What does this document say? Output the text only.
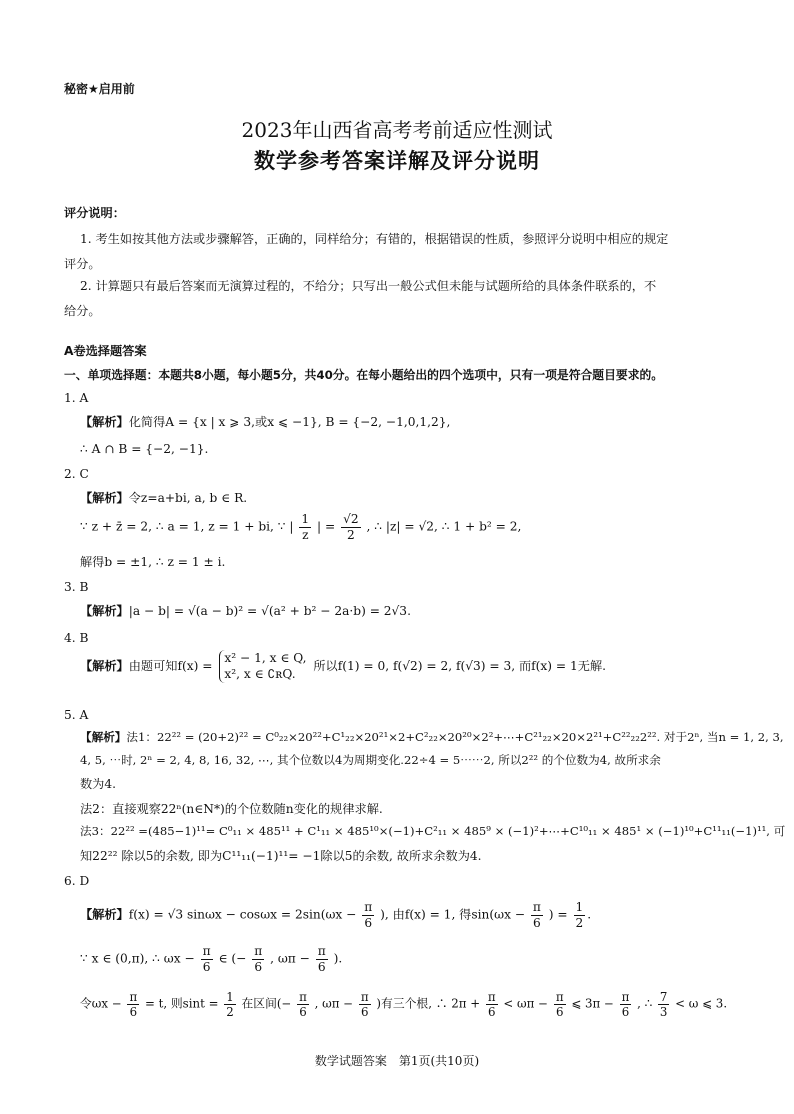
秘密★启用前
2023年山西省高考考前适应性测试
数学参考答案详解及评分说明
评分说明：
1. 考生如按其他方法或步骤解答，正确的，同样给分；有错的，根据错误的性质，参照评分说明中相应的规定
评分。
2. 计算题只有最后答案而无演算过程的，不给分；只写出一般公式但未能与试题所给的具体条件联系的，不
给分。
A卷选择题答案
一、单项选择题：本题共8小题，每小题5分，共40分。在每小题给出的四个选项中，只有一项是符合题目要求的。
1. A
【解析】化简得A = {x | x ⩾ 3,或x ⩽ −1}, B = {−2, −1,0,1,2},
∴ A ∩ B = {−2, −1}.
2. C
【解析】令z=a+bi, a, b ∈ R.
∵ z + z̄ = 2, ∴ a = 1, z = 1 + bi, ∵ | $\frac{1}{z}$ | = $\frac{√2}{2}$ , ∴ |z| = √2, ∴ 1 + b² = 2,
解得b = ±1, ∴ z = 1 ± i.
3. B
【解析】|a − b| = √(a − b)² = √(a² + b² − 2a·b) = 2√3.
4. B
【解析】由题可知f(x) =
x² − 1, x ∈ Q,
x², x ∈ ∁ʀQ.
所以f(1) = 0, f(√2) = 2, f(√3) = 3, 而f(x) = 1无解.
5. A
【解析】法1：22²² = (20+2)²² = C⁰₂₂×20²²+C¹₂₂×20²¹×2+C²₂₂×20²⁰×2²+⋯+C²¹₂₂×20×2²¹+C²²₂₂2²². 对于2ⁿ, 当n = 1, 2, 3,
4, 5, ⋯时, 2ⁿ = 2, 4, 8, 16, 32, ⋯, 其个位数以4为周期变化.22÷4 = 5⋯⋯2, 所以2²² 的个位数为4, 故所求余
数为4.
法2：直接观察22ⁿ(n∈N*)的个位数随n变化的规律求解.
法3：22²² =(485−1)¹¹= C⁰₁₁ × 485¹¹ + C¹₁₁ × 485¹⁰×(−1)+C²₁₁ × 485⁹ × (−1)²+⋯+C¹⁰₁₁ × 485¹ × (−1)¹⁰+C¹¹₁₁(−1)¹¹, 可
知22²² 除以5的余数, 即为C¹¹₁₁(−1)¹¹= −1除以5的余数, 故所求余数为4.
6. D
【解析】f(x) = √3 $\sin\omega x - \cos\omega x = 2\sin(\omega x - \frac{\pi}{6}$ ), 由f(x) = 1, 得$\sin(\omega x - \frac{\pi}{6}$ ) = $\frac{1}{2}$ .
∵ x ∈ (0,π), ∴ $\omega x - \frac{\pi}{6}$ ∈ (− $\frac{\pi}{6}$ , $\omega\pi - \frac{\pi}{6}$ ).
令$\omega x - \frac{\pi}{6} = t$, 则$\sin t = \frac{1}{2}$ 在区间(− $\frac{\pi}{6}$ , $\omega\pi - \frac{\pi}{6}$ )有三个根, ∴ $2\pi + \frac{\pi}{6} < \omega\pi - \frac{\pi}{6}$ ⩽ $3\pi - \frac{\pi}{6}$ , ∴ $\frac{7}{3} < \omega$ ⩽ 3.
数学试题答案　第1页(共10页)
